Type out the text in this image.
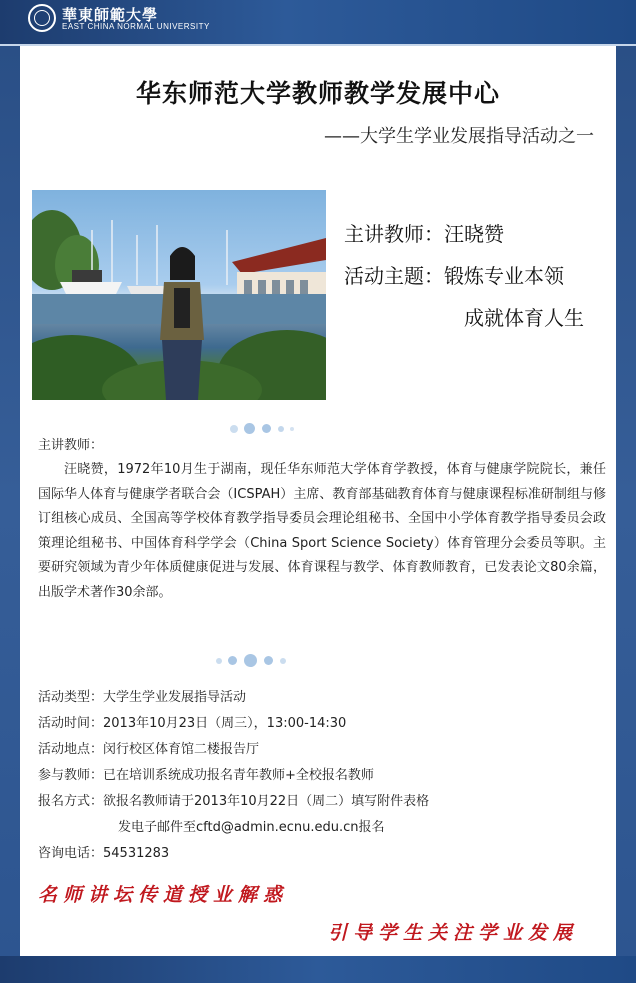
華東師範大學
EAST CHINA NORMAL UNIVERSITY
华东师范大学教师教学发展中心
——大学生学业发展指导活动之一
主讲教师：汪晓赞
活动主题：锻炼专业本领
成就体育人生
主讲教师：
汪晓赞，1972年10月生于湖南，现任华东师范大学体育学教授，体育与健康学院院长，兼任国际华人体育与健康学者联合会（ICSPAH）主席、教育部基础教育体育与健康课程标准研制组与修订组核心成员、全国高等学校体育教学指导委员会理论组秘书、全国中小学体育教学指导委员会政策理论组秘书、中国体育科学学会（China Sport Science Society）体育管理分会委员等职。主要研究领域为青少年体质健康促进与发展、体育课程与教学、体育教师教育，已发表论文80余篇，出版学术著作30余部。
活动类型：大学生学业发展指导活动
活动时间：2013年10月23日（周三），13:00-14:30
活动地点：闵行校区体育馆二楼报告厅
参与教师：已在培训系统成功报名青年教师+全校报名教师
报名方式：欲报名教师请于2013年10月22日（周二）填写附件表格
发电子邮件至cftd@admin.ecnu.edu.cn报名
咨询电话：54531283
名师讲坛传道授业解惑
引导学生关注学业发展
